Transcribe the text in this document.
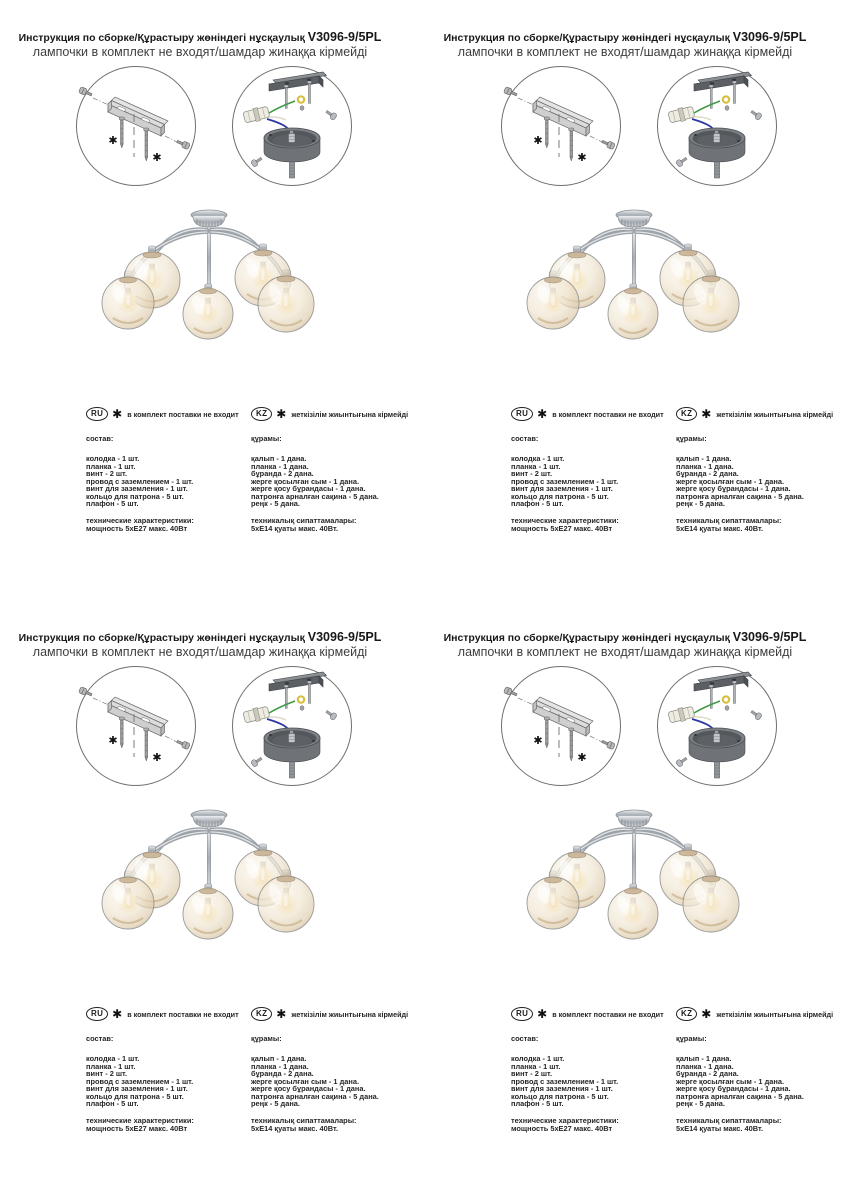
Инструкция по сборке/Құрастыру жөніндегі нұсқаулық V3096-9/5PL
лампочки в комплект не входят/шамдар жинаққа кірмейді
✱
✱
RU ✱ в комплект поставки не входит	KZ ✱ жеткізілім жиынтығына кірмейді
состав:
колодка - 1 шт.
планка - 1 шт.
винт - 2 шт.
провод с заземлением - 1 шт.
винт для заземления - 1 шт.
кольцо для патрона - 5 шт.
плафон - 5 шт.
технические характеристики:
мощность 5хЕ27 макс. 40Вт
құрамы:
қалып - 1 дана.
планка - 1 дана.
бұранда - 2 дана.
жерге қосылған сым - 1 дана.
жерге қосу бұрандасы - 1 дана.
патронға арналған сақина - 5 дана.
реңк - 5 дана.
техникалық сипаттамалары:
5хЕ14 қуаты макс. 40Вт.
Инструкция по сборке/Құрастыру жөніндегі нұсқаулық V3096-9/5PL
лампочки в комплект не входят/шамдар жинаққа кірмейді
✱
✱
RU ✱ в комплект поставки не входит	KZ ✱ жеткізілім жиынтығына кірмейді
состав:
колодка - 1 шт.
планка - 1 шт.
винт - 2 шт.
провод с заземлением - 1 шт.
винт для заземления - 1 шт.
кольцо для патрона - 5 шт.
плафон - 5 шт.
технические характеристики:
мощность 5хЕ27 макс. 40Вт
құрамы:
қалып - 1 дана.
планка - 1 дана.
бұранда - 2 дана.
жерге қосылған сым - 1 дана.
жерге қосу бұрандасы - 1 дана.
патронға арналған сақина - 5 дана.
реңк - 5 дана.
техникалық сипаттамалары:
5хЕ14 қуаты макс. 40Вт.
Инструкция по сборке/Құрастыру жөніндегі нұсқаулық V3096-9/5PL
лампочки в комплект не входят/шамдар жинаққа кірмейді
✱
✱
RU ✱ в комплект поставки не входит	KZ ✱ жеткізілім жиынтығына кірмейді
состав:
колодка - 1 шт.
планка - 1 шт.
винт - 2 шт.
провод с заземлением - 1 шт.
винт для заземления - 1 шт.
кольцо для патрона - 5 шт.
плафон - 5 шт.
технические характеристики:
мощность 5хЕ27 макс. 40Вт
құрамы:
қалып - 1 дана.
планка - 1 дана.
бұранда - 2 дана.
жерге қосылған сым - 1 дана.
жерге қосу бұрандасы - 1 дана.
патронға арналған сақина - 5 дана.
реңк - 5 дана.
техникалық сипаттамалары:
5хЕ14 қуаты макс. 40Вт.
Инструкция по сборке/Құрастыру жөніндегі нұсқаулық V3096-9/5PL
лампочки в комплект не входят/шамдар жинаққа кірмейді
✱
✱
RU ✱ в комплект поставки не входит	KZ ✱ жеткізілім жиынтығына кірмейді
состав:
колодка - 1 шт.
планка - 1 шт.
винт - 2 шт.
провод с заземлением - 1 шт.
винт для заземления - 1 шт.
кольцо для патрона - 5 шт.
плафон - 5 шт.
технические характеристики:
мощность 5хЕ27 макс. 40Вт
құрамы:
қалып - 1 дана.
планка - 1 дана.
бұранда - 2 дана.
жерге қосылған сым - 1 дана.
жерге қосу бұрандасы - 1 дана.
патронға арналған сақина - 5 дана.
реңк - 5 дана.
техникалық сипаттамалары:
5хЕ14 қуаты макс. 40Вт.
